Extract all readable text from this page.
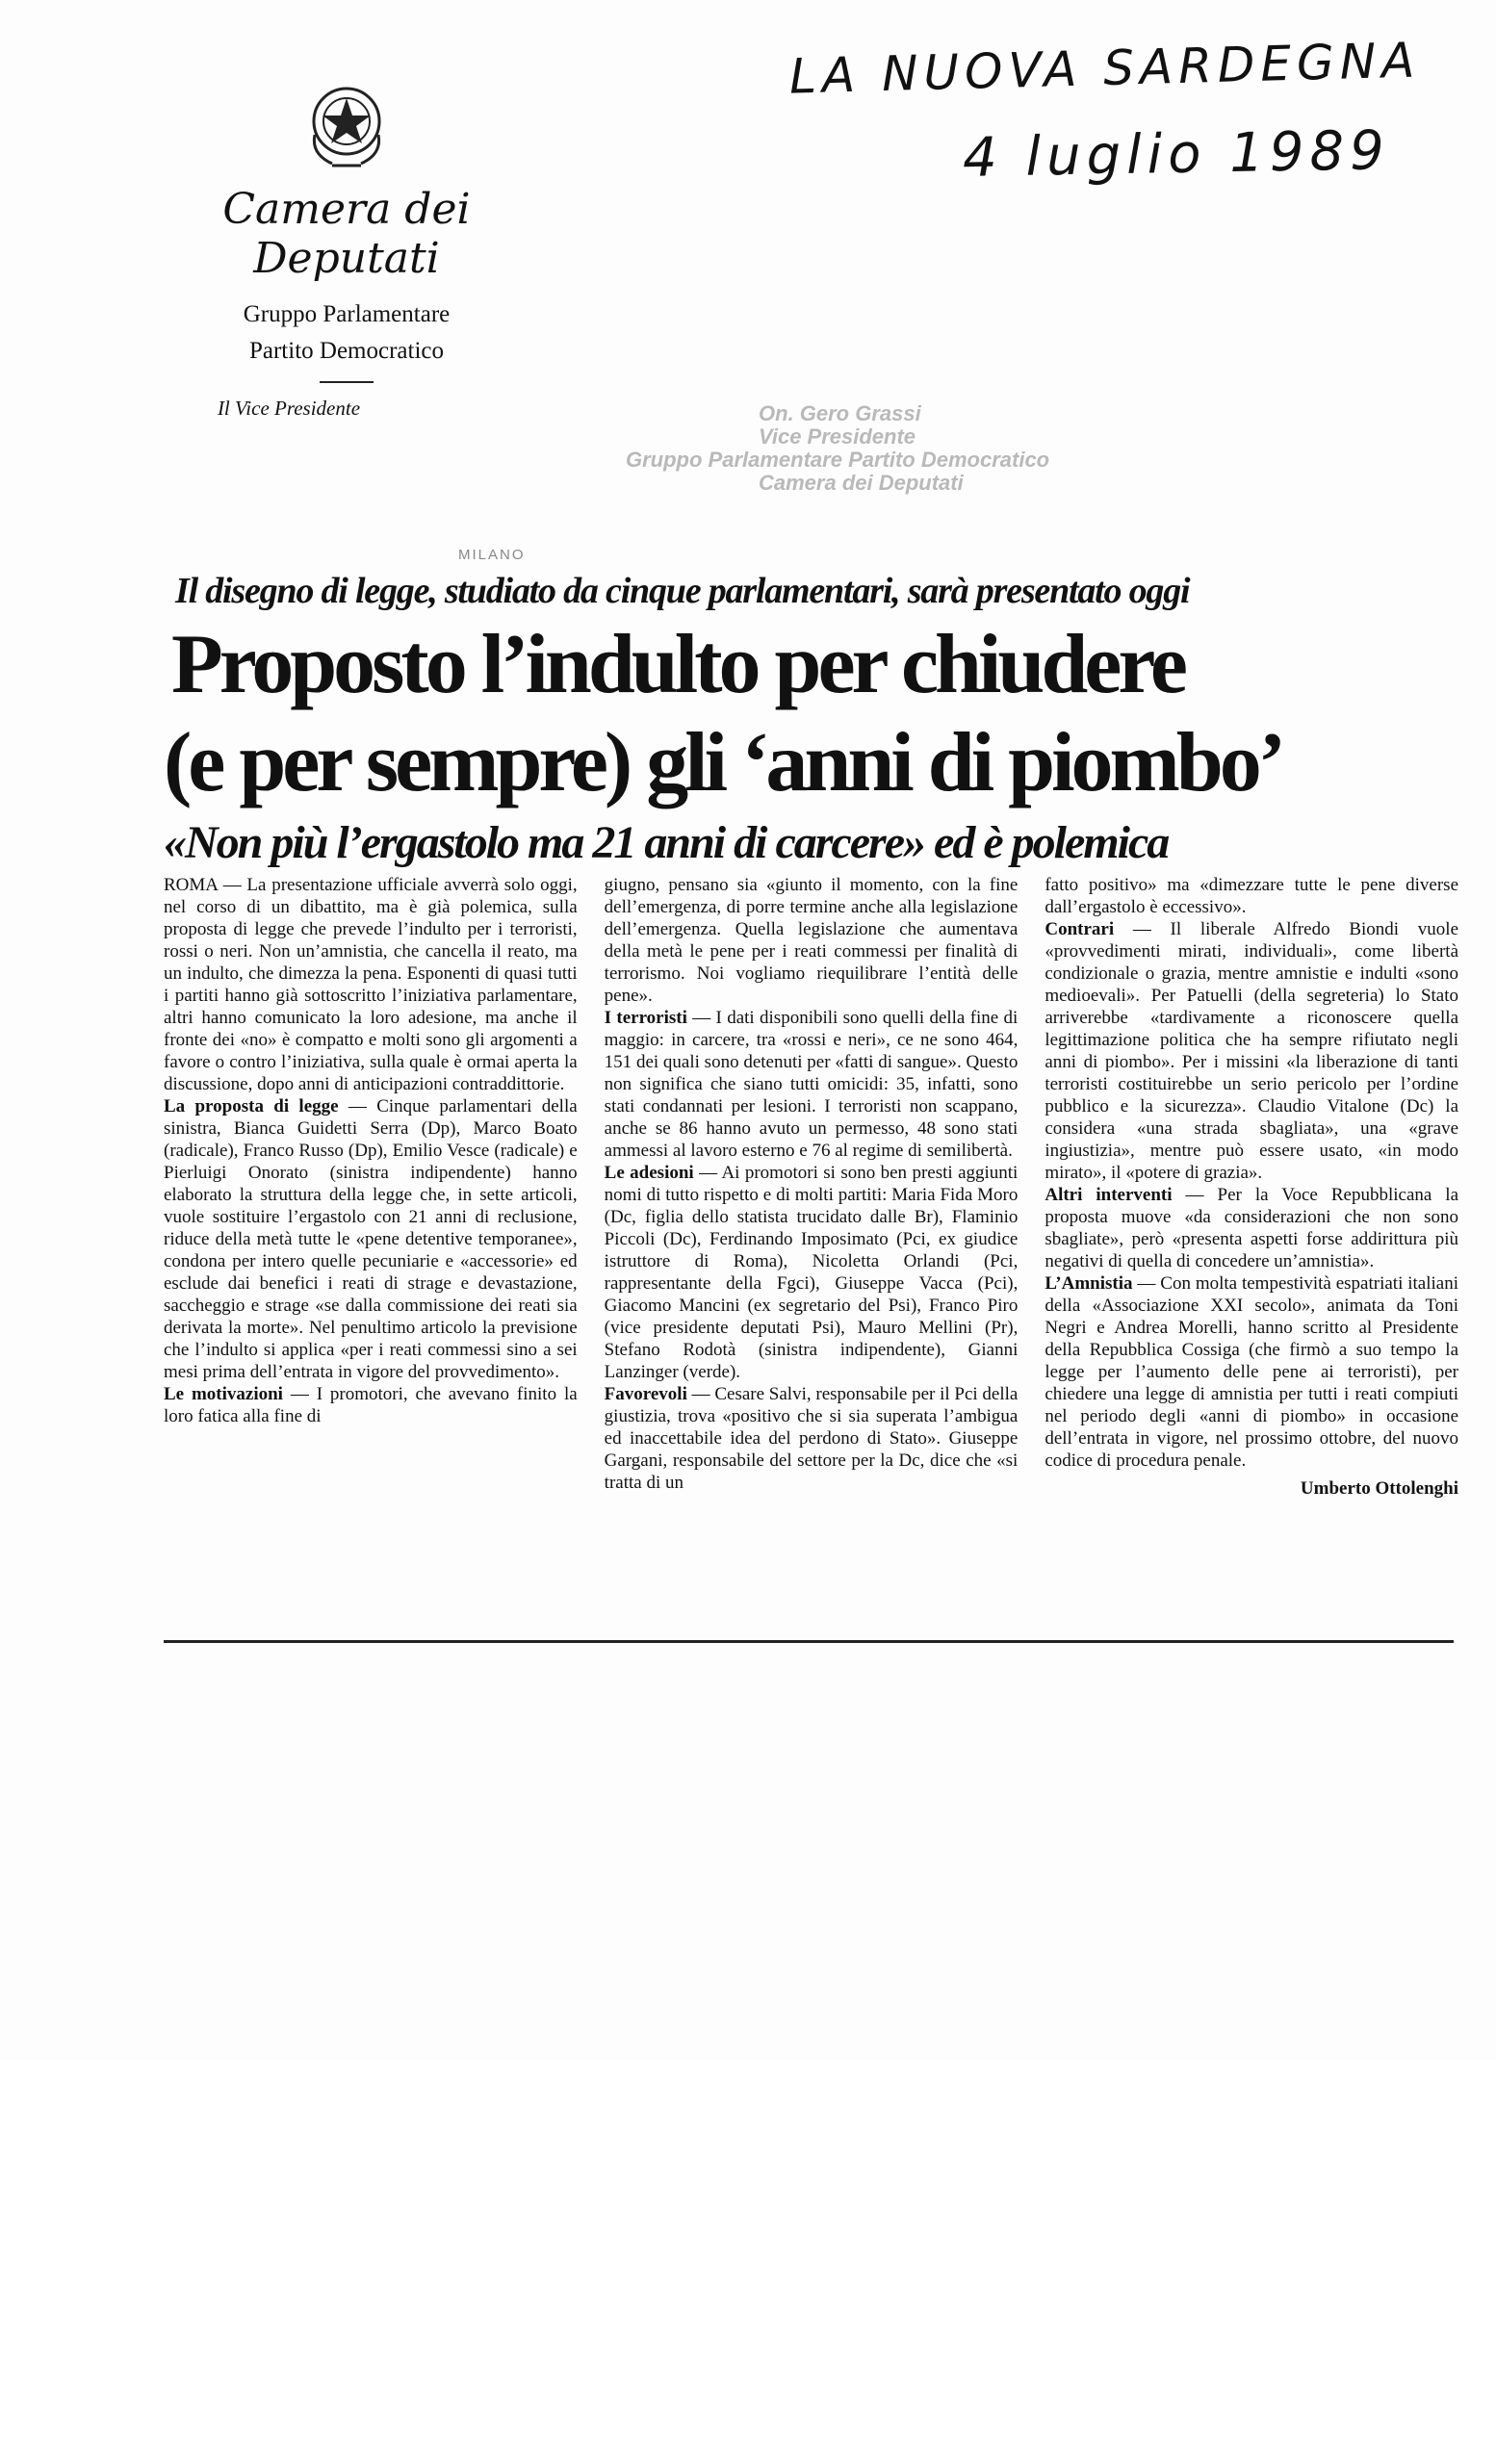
LA NUOVA SARDEGNA
4 luglio 1989
Camera dei Deputati
Gruppo Parlamentare
Partito Democratico
Il Vice Presidente	On. Gero Grassi
Vice Presidente
Gruppo Parlamentare Partito Democratico
Camera dei Deputati
MILANO
Il disegno di legge, studiato da cinque parlamentari, sarà presentato oggi
Proposto l’indulto per chiudere
(e per sempre) gli ‘anni di piombo’
«Non più l’ergastolo ma 21 anni di carcere» ed è polemica

ROMA — La presentazione ufficiale avverrà solo oggi, nel corso di un dibattito, ma è già polemica, sulla proposta di legge che prevede l’indulto per i terroristi, rossi o neri. Non un’amnistia, che cancella il reato, ma un indulto, che dimezza la pena. Esponenti di quasi tutti i partiti hanno già sottoscritto l’iniziativa parlamentare, altri hanno comunicato la loro adesione, ma anche il fronte dei «no» è compatto e molti sono gli argomenti a favore o contro l’iniziativa, sulla quale è ormai aperta la discussione, dopo anni di anticipazioni contraddittorie.

La proposta di legge — Cinque parlamentari della sinistra, Bianca Guidetti Serra (Dp), Marco Boato (radicale), Franco Russo (Dp), Emilio Vesce (radicale) e Pierluigi Onorato (sinistra indipendente) hanno elaborato la struttura della legge che, in sette articoli, vuole sostituire l’ergastolo con 21 anni di reclusione, riduce della metà tutte le «pene detentive temporanee», condona per intero quelle pecuniarie e «accessorie» ed esclude dai benefici i reati di strage e devastazione, saccheggio e strage «se dalla commissione dei reati sia derivata la morte». Nel penultimo articolo la previsione che l’indulto si applica «per i reati commessi sino a sei mesi prima dell’entrata in vigore del provvedimento».

Le motivazioni — I promotori, che avevano finito la loro fatica alla fine di

giugno, pensano sia «giunto il momento, con la fine dell’emergenza, di porre termine anche alla legislazione dell’emergenza. Quella legislazione che aumentava della metà le pene per i reati commessi per finalità di terrorismo. Noi vogliamo riequilibrare l’entità delle pene».

I terroristi — I dati disponibili sono quelli della fine di maggio: in carcere, tra «rossi e neri», ce ne sono 464, 151 dei quali sono detenuti per «fatti di sangue». Questo non significa che siano tutti omicidi: 35, infatti, sono stati condannati per lesioni. I terroristi non scappano, anche se 86 hanno avuto un permesso, 48 sono stati ammessi al lavoro esterno e 76 al regime di semilibertà.

Le adesioni — Ai promotori si sono ben presti aggiunti nomi di tutto rispetto e di molti partiti: Maria Fida Moro (Dc, figlia dello statista trucidato dalle Br), Flaminio Piccoli (Dc), Ferdinando Imposimato (Pci, ex giudice istruttore di Roma), Nicoletta Orlandi (Pci, rappresentante della Fgci), Giuseppe Vacca (Pci), Giacomo Mancini (ex segretario del Psi), Franco Piro (vice presidente deputati Psi), Mauro Mellini (Pr), Stefano Rodotà (sinistra indipendente), Gianni Lanzinger (verde).

Favorevoli — Cesare Salvi, responsabile per il Pci della giustizia, trova «positivo che si sia superata l’ambigua ed inaccettabile idea del perdono di Stato». Giuseppe Gargani, responsabile del settore per la Dc, dice che «si tratta di un

fatto positivo» ma «dimezzare tutte le pene diverse dall’ergastolo è eccessivo».

Contrari — Il liberale Alfredo Biondi vuole «provvedimenti mirati, individuali», come libertà condizionale o grazia, mentre amnistie e indulti «sono medioevali». Per Patuelli (della segreteria) lo Stato arriverebbe «tardivamente a riconoscere quella legittimazione politica che ha sempre rifiutato negli anni di piombo». Per i missini «la liberazione di tanti terroristi costituirebbe un serio pericolo per l’ordine pubblico e la sicurezza». Claudio Vitalone (Dc) la considera «una strada sbagliata», una «grave ingiustizia», mentre può essere usato, «in modo mirato», il «potere di grazia».

Altri interventi — Per la Voce Repubblicana la proposta muove «da considerazioni che non sono sbagliate», però «presenta aspetti forse addirittura più negativi di quella di concedere un’amnistia».

L’Amnistia — Con molta tempestività espatriati italiani della «Associazione XXI secolo», animata da Toni Negri e Andrea Morelli, hanno scritto al Presidente della Repubblica Cossiga (che firmò a suo tempo la legge per l’aumento delle pene ai terroristi), per chiedere una legge di amnistia per tutti i reati compiuti nel periodo degli «anni di piombo» in occasione dell’entrata in vigore, nel prossimo ottobre, del nuovo codice di procedura penale.

Umberto Ottolenghi
